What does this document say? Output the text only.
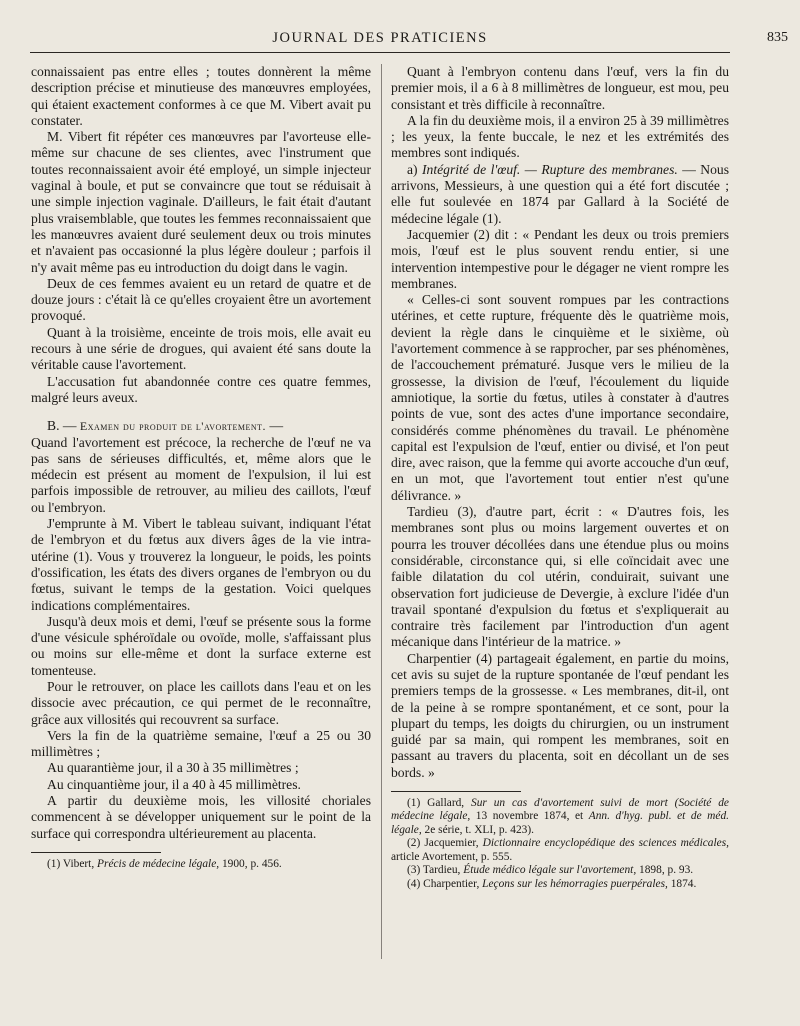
JOURNAL DES PRATICIENS	835

connaissaient pas entre elles ; toutes donnèrent la même description précise et minutieuse des manœuvres employées, qui étaient exactement conformes à ce que M. Vibert avait pu constater.

M. Vibert fit répéter ces manœuvres par l'avorteuse elle-même sur chacune de ses clientes, avec l'instrument que toutes reconnaissaient avoir été employé, un simple injecteur vaginal à boule, et put se convaincre que tout se réduisait à une simple injection vaginale. D'ailleurs, le fait était d'autant plus vraisemblable, que toutes les femmes reconnaissaient que les manœuvres avaient duré seulement deux ou trois minutes et n'avaient pas occasionné la plus légère douleur ; parfois il n'y avait même pas eu introduction du doigt dans le vagin.

Deux de ces femmes avaient eu un retard de quatre et de douze jours : c'était là ce qu'elles croyaient être un avortement provoqué.

Quant à la troisième, enceinte de trois mois, elle avait eu recours à une série de drogues, qui avaient été sans doute la véritable cause l'avortement.

L'accusation fut abandonnée contre ces quatre femmes, malgré leurs aveux.

B. — Examen du produit de l'avortement. —

Quand l'avortement est précoce, la recherche de l'œuf ne va pas sans de sérieuses difficultés, et, même alors que le médecin est présent au moment de l'expulsion, il lui est parfois impossible de retrouver, au milieu des caillots, l'œuf ou l'embryon.

J'emprunte à M. Vibert le tableau suivant, indiquant l'état de l'embryon et du fœtus aux divers âges de la vie intra-utérine (1). Vous y trouverez la longueur, le poids, les points d'ossification, les états des divers organes de l'embryon ou du fœtus, suivant le temps de la gestation. Voici quelques indications complémentaires.

Jusqu'à deux mois et demi, l'œuf se présente sous la forme d'une vésicule sphéroïdale ou ovoïde, molle, s'affaissant plus ou moins sur elle-même et dont la surface externe est tomenteuse.

Pour le retrouver, on place les caillots dans l'eau et on les dissocie avec précaution, ce qui permet de le reconnaître, grâce aux villosités qui recouvrent sa surface.

Vers la fin de la quatrième semaine, l'œuf a 25 ou 30 millimètres ;

Au quarantième jour, il a 30 à 35 millimètres ;

Au cinquantième jour, il a 40 à 45 millimètres.

A partir du deuxième mois, les villosité choriales commencent à se développer uniquement sur le point de la surface qui correspondra ultérieurement au placenta.

(1) Vibert, Précis de médecine légale, 1900, p. 456.

Quant à l'embryon contenu dans l'œuf, vers la fin du premier mois, il a 6 à 8 millimètres de longueur, est mou, peu consistant et très difficile à reconnaître.

A la fin du deuxième mois, il a environ 25 à 39 millimètres ; les yeux, la fente buccale, le nez et les extrémités des membres sont indiqués.

a) Intégrité de l'œuf. — Rupture des membranes. — Nous arrivons, Messieurs, à une question qui a été fort discutée ; elle fut soulevée en 1874 par Gallard à la Société de médecine légale (1).

Jacquemier (2) dit : « Pendant les deux ou trois premiers mois, l'œuf est le plus souvent rendu entier, si une intervention intempestive pour le dégager ne vient rompre les membranes.

« Celles-ci sont souvent rompues par les contractions utérines, et cette rupture, fréquente dès le quatrième mois, devient la règle dans le cinquième et le sixième, où l'avortement commence à se rapprocher, par ses phénomènes, de l'accouchement prématuré. Jusque vers le milieu de la grossesse, la division de l'œuf, l'écoulement du liquide amniotique, la sortie du fœtus, utiles à constater à d'autres points de vue, sont des actes d'une importance secondaire, considérés comme phénomènes du travail. Le phénomène capital est l'expulsion de l'œuf, entier ou divisé, et l'on peut dire, avec raison, que la femme qui avorte accouche d'un œuf, en un mot, que l'avortement tout entier n'est qu'une délivrance. »

Tardieu (3), d'autre part, écrit : « D'autres fois, les membranes sont plus ou moins largement ouvertes et on pourra les trouver décollées dans une étendue plus ou moins considérable, circonstance qui, si elle coïncidait avec une faible dilatation du col utérin, conduirait, suivant une observation fort judicieuse de Devergie, à exclure l'idée d'un travail spontané d'expulsion du fœtus et s'expliquerait au contraire très facilement par l'introduction d'un agent mécanique dans l'intérieur de la matrice. »

Charpentier (4) partageait également, en partie du moins, cet avis su sujet de la rupture spontanée de l'œuf pendant les premiers temps de la grossesse. « Les membranes, dit-il, ont de la peine à se rompre spontanément, et ce sont, pour la plupart du temps, les doigts du chirurgien, ou un instrument guidé par sa main, qui rompent les membranes, soit en passant au travers du placenta, soit en décollant un de ses bords. »

(1) Gallard, Sur un cas d'avortement suivi de mort (Société de médecine légale, 13 novembre 1874, et Ann. d'hyg. publ. et de méd. légale, 2e série, t. XLI, p. 423).

(2) Jacquemier, Dictionnaire encyclopédique des sciences médicales, article Avortement, p. 555.

(3) Tardieu, Étude médico légale sur l'avortement, 1898, p. 93.

(4) Charpentier, Leçons sur les hémorragies puerpérales, 1874.
